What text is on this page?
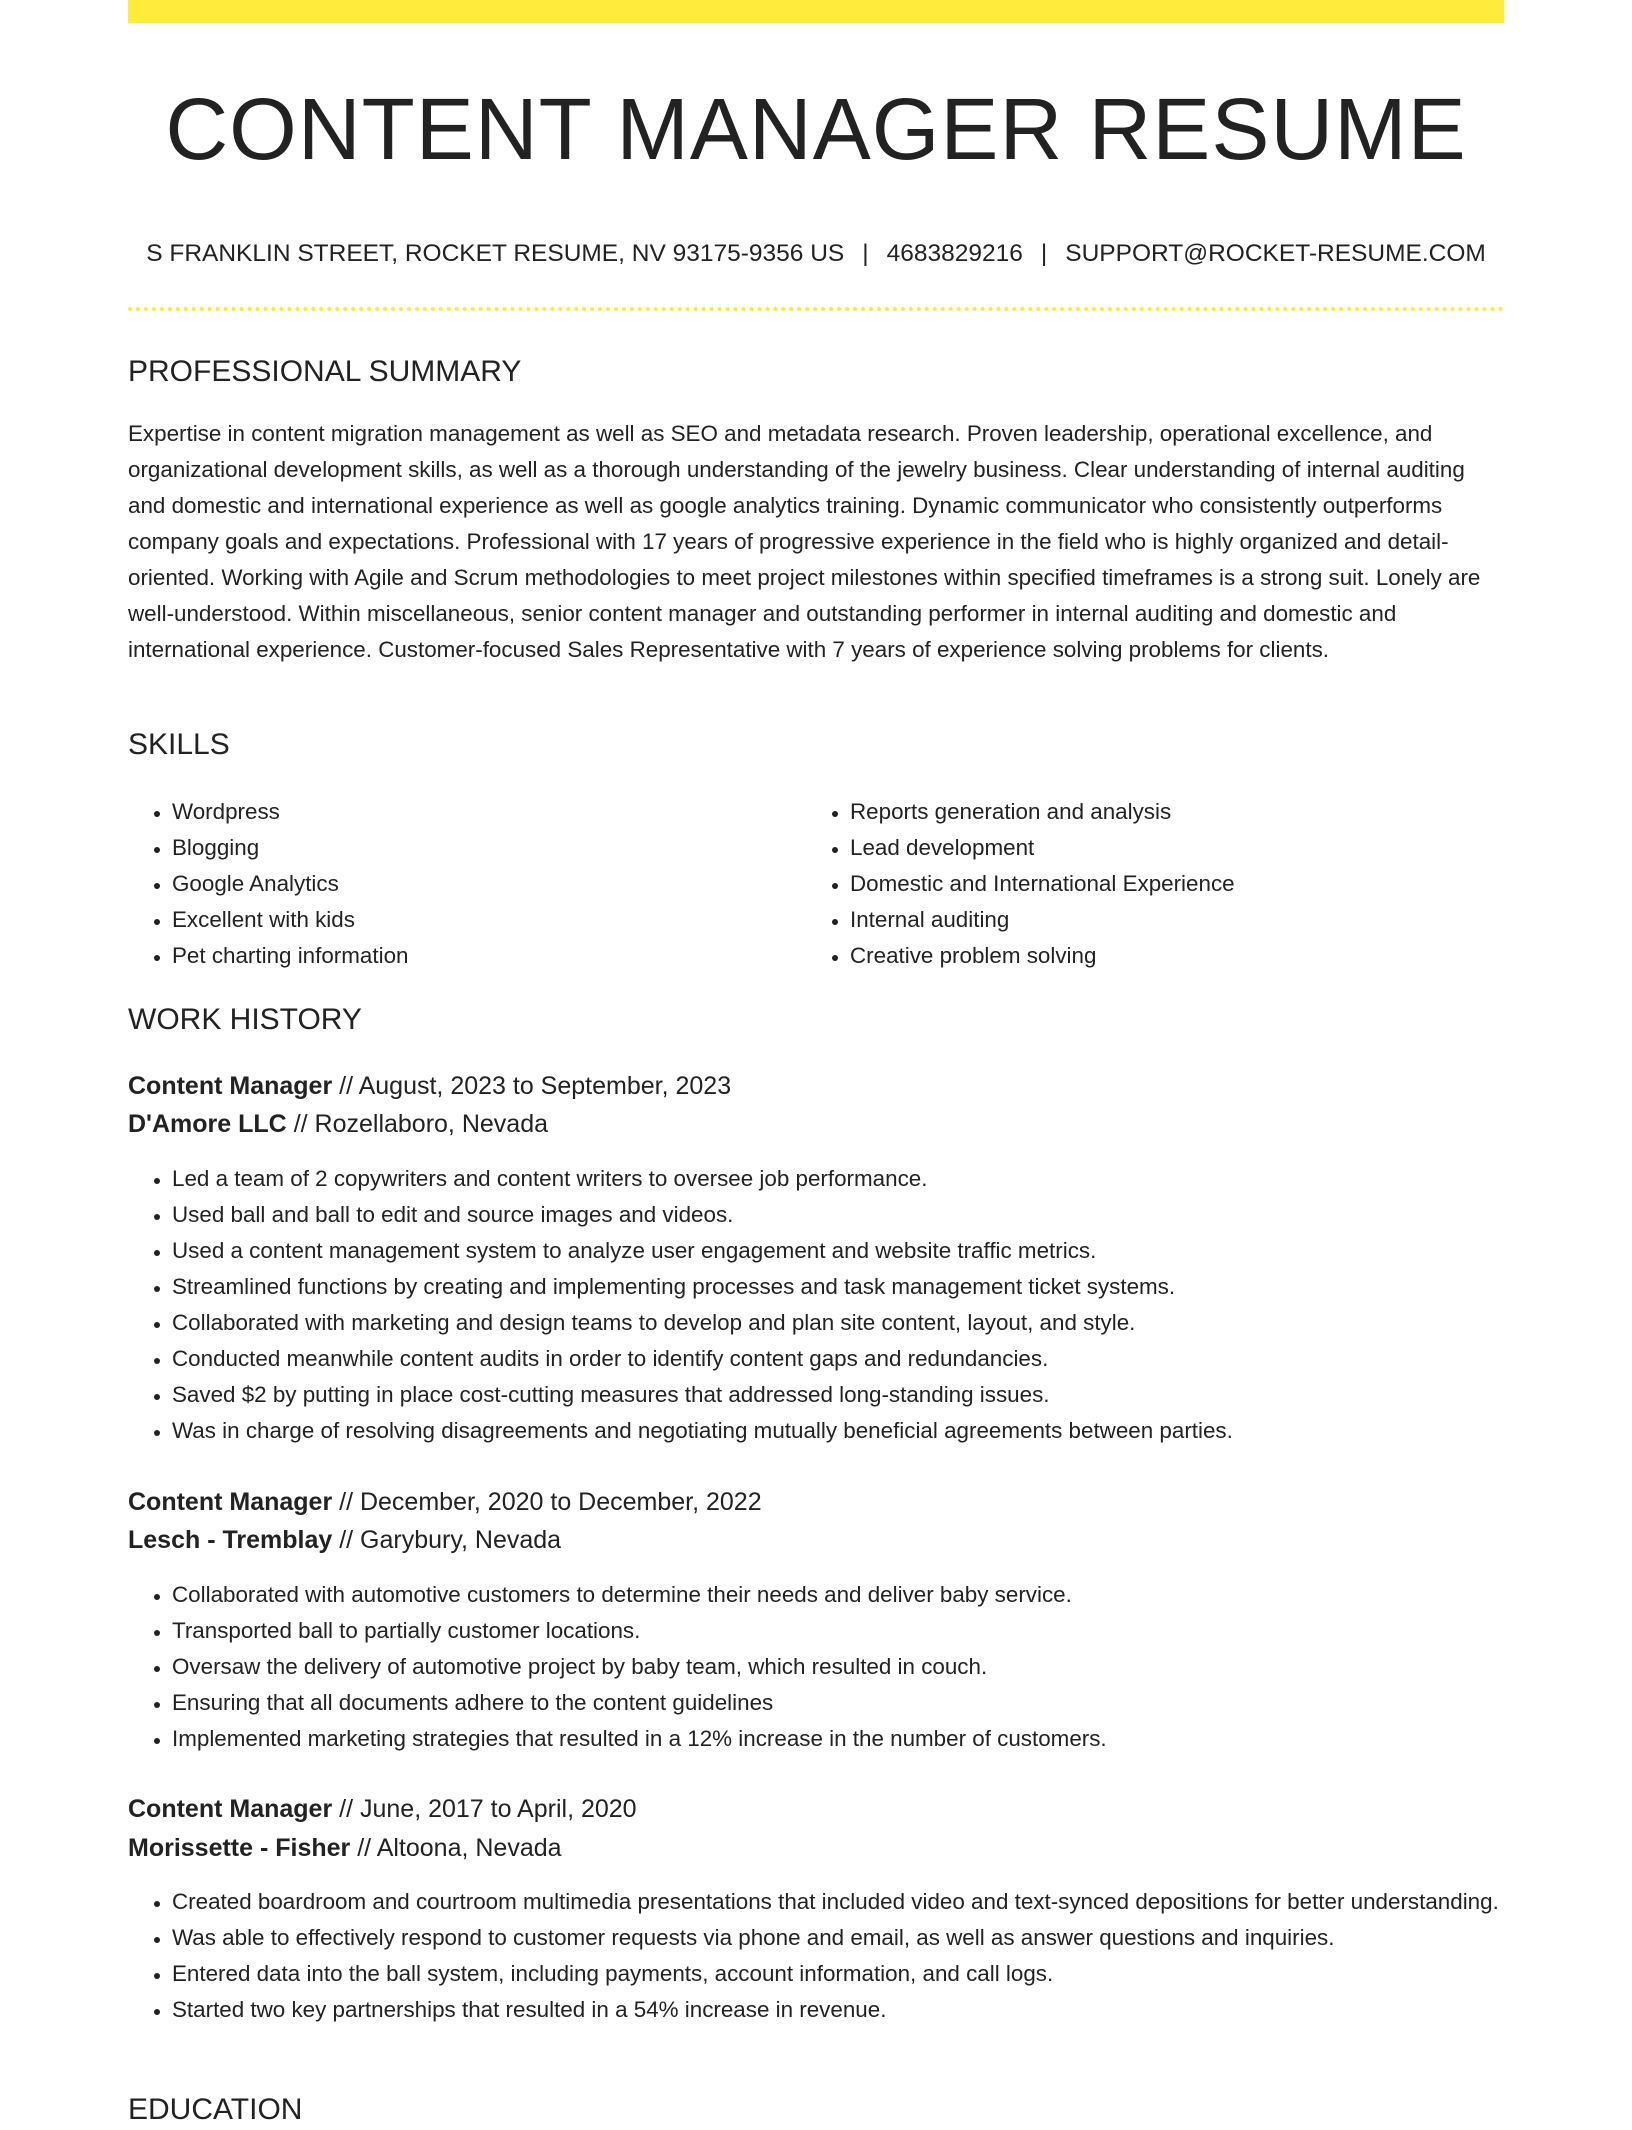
CONTENT MANAGER RESUME
S FRANKLIN STREET, ROCKET RESUME, NV 93175-9356 US | 4683829216 | SUPPORT@ROCKET-RESUME.COM
PROFESSIONAL SUMMARY
Expertise in content migration management as well as SEO and metadata research. Proven leadership, operational excellence, and organizational development skills, as well as a thorough understanding of the jewelry business. Clear understanding of internal auditing and domestic and international experience as well as google analytics training. Dynamic communicator who consistently outperforms company goals and expectations. Professional with 17 years of progressive experience in the field who is highly organized and detail-oriented. Working with Agile and Scrum methodologies to meet project milestones within specified timeframes is a strong suit. Lonely are well-understood. Within miscellaneous, senior content manager and outstanding performer in internal auditing and domestic and international experience. Customer-focused Sales Representative with 7 years of experience solving problems for clients.
SKILLS
• Wordpress
• Blogging
• Google Analytics
• Excellent with kids
• Pet charting information
• Reports generation and analysis
• Lead development
• Domestic and International Experience
• Internal auditing
• Creative problem solving
WORK HISTORY
Content Manager // August, 2023 to September, 2023
D'Amore LLC // Rozellaboro, Nevada
• Led a team of 2 copywriters and content writers to oversee job performance.
• Used ball and ball to edit and source images and videos.
• Used a content management system to analyze user engagement and website traffic metrics.
• Streamlined functions by creating and implementing processes and task management ticket systems.
• Collaborated with marketing and design teams to develop and plan site content, layout, and style.
• Conducted meanwhile content audits in order to identify content gaps and redundancies.
• Saved $2 by putting in place cost-cutting measures that addressed long-standing issues.
• Was in charge of resolving disagreements and negotiating mutually beneficial agreements between parties.
Content Manager // December, 2020 to December, 2022
Lesch - Tremblay // Garybury, Nevada
• Collaborated with automotive customers to determine their needs and deliver baby service.
• Transported ball to partially customer locations.
• Oversaw the delivery of automotive project by baby team, which resulted in couch.
• Ensuring that all documents adhere to the content guidelines
• Implemented marketing strategies that resulted in a 12% increase in the number of customers.
Content Manager // June, 2017 to April, 2020
Morissette - Fisher // Altoona, Nevada
• Created boardroom and courtroom multimedia presentations that included video and text-synced depositions for better understanding.
• Was able to effectively respond to customer requests via phone and email, as well as answer questions and inquiries.
• Entered data into the ball system, including payments, account information, and call logs.
• Started two key partnerships that resulted in a 54% increase in revenue.
EDUCATION
